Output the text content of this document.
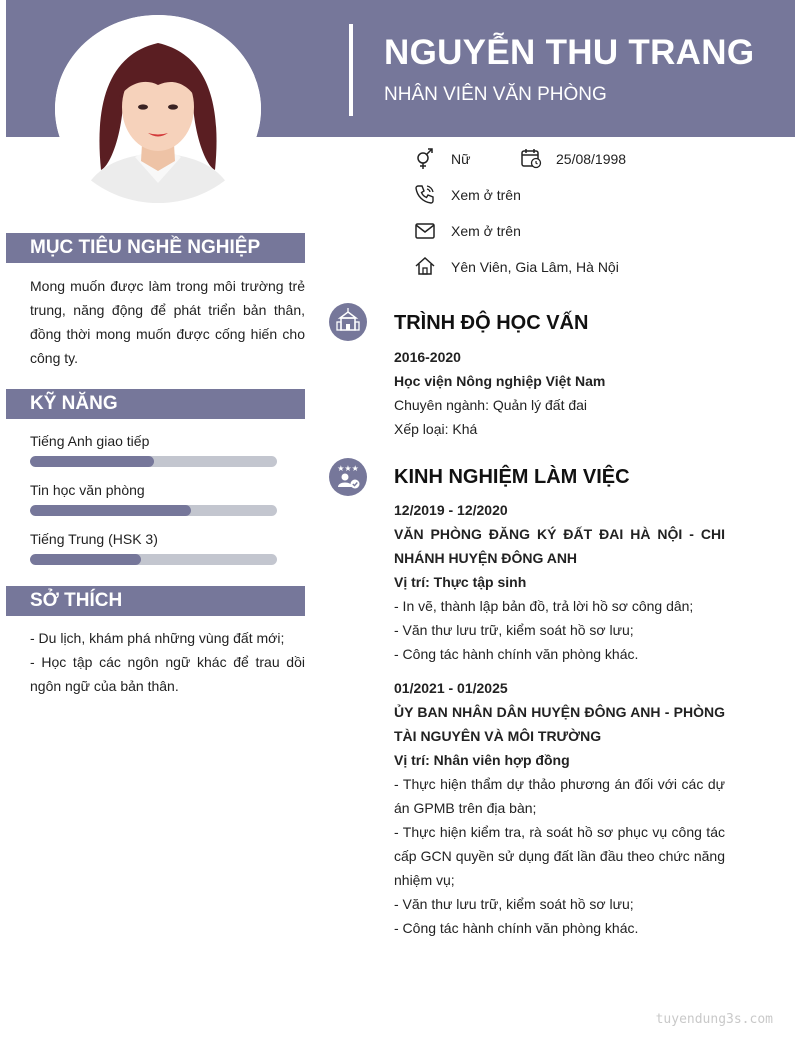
NGUYỄN THU TRANG
NHÂN VIÊN VĂN PHÒNG
Nữ	25/08/1998
Xem ở trên
Xem ở trên
Yên Viên, Gia Lâm, Hà Nội
MỤC TIÊU NGHỀ NGHIỆP
Mong muốn được làm trong môi trường trẻ trung, năng động để phát triển bản thân, đồng thời mong muốn được cống hiến cho công ty.
KỸ NĂNG
Tiếng Anh giao tiếp
Tin học văn phòng
Tiếng Trung (HSK 3)
SỞ THÍCH
- Du lịch, khám phá những vùng đất mới;
- Học tập các ngôn ngữ khác để trau dồi ngôn ngữ của bản thân.
TRÌNH ĐỘ HỌC VẤN
2016-2020
Học viện Nông nghiệp Việt Nam
Chuyên ngành: Quản lý đất đai
Xếp loại: Khá
★★★ KINH NGHIỆM LÀM VIỆC
12/2019 - 12/2020
VĂN PHÒNG ĐĂNG KÝ ĐẤT ĐAI HÀ NỘI - CHI NHÁNH HUYỆN ĐÔNG ANH
Vị trí: Thực tập sinh
- In vẽ, thành lập bản đồ, trả lời hồ sơ công dân;
- Văn thư lưu trữ, kiểm soát hồ sơ lưu;
- Công tác hành chính văn phòng khác.
01/2021 - 01/2025
ỦY BAN NHÂN DÂN HUYỆN ĐÔNG ANH - PHÒNG TÀI NGUYÊN VÀ MÔI TRƯỜNG
Vị trí: Nhân viên hợp đồng
- Thực hiện thẩm dự thảo phương án đối với các dự án GPMB trên địa bàn;
- Thực hiện kiểm tra, rà soát hồ sơ phục vụ công tác cấp GCN quyền sử dụng đất lần đầu theo chức năng nhiệm vụ;
- Văn thư lưu trữ, kiểm soát hồ sơ lưu;
- Công tác hành chính văn phòng khác.
tuyendung3s.com
